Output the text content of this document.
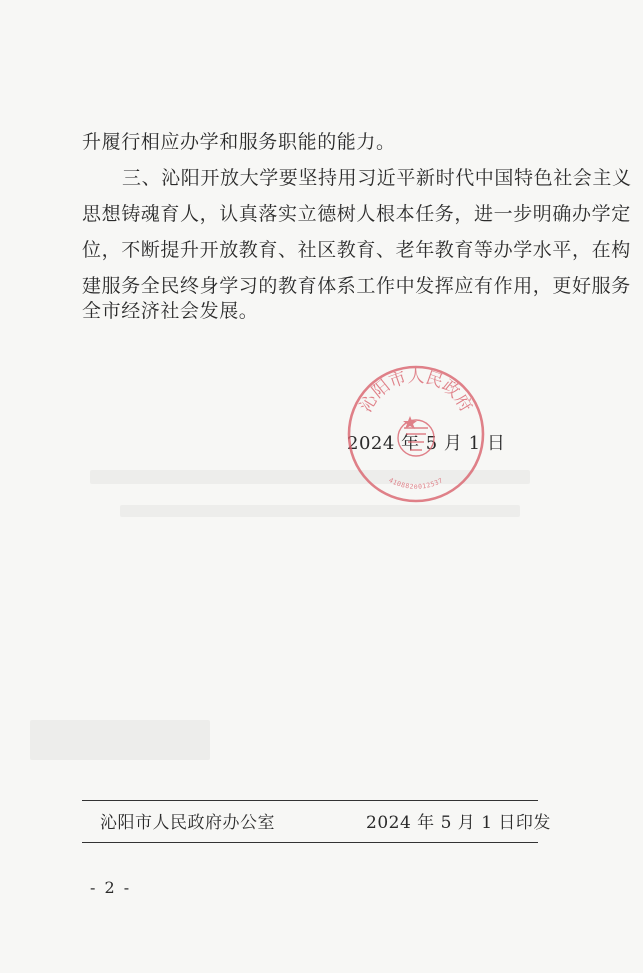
升履行相应办学和服务职能的能力。
三、沁阳开放大学要坚持用习近平新时代中国特色社会主义
思想铸魂育人，认真落实立德树人根本任务，进一步明确办学定
位，不断提升开放教育、社区教育、老年教育等办学水平，在构
建服务全民终身学习的教育体系工作中发挥应有作用，更好服务
全市经济社会发展。
2024 年 5 月 1 日
沁阳市人民政府
4108820012537
沁阳市人民政府办公室	2024 年 5 月 1 日印发
- 2 -
